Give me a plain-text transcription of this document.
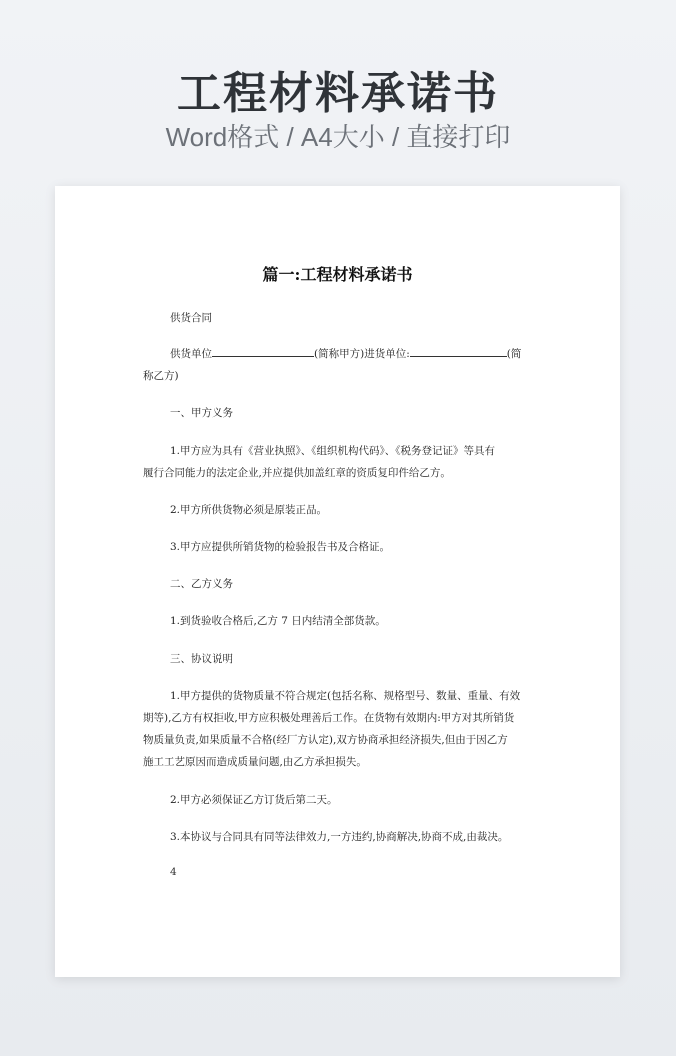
工程材料承诺书
Word格式 / A4大小 / 直接打印
篇一:工程材料承诺书
供货合同
供货单位	(简称甲方)进货单位:	(简
称乙方)
一、甲方义务
1.甲方应为具有《营业执照》、《组织机构代码》、《税务登记证》等具有
履行合同能力的法定企业,并应提供加盖红章的资质复印件给乙方。
2.甲方所供货物必须是原装正品。
3.甲方应提供所销货物的检验报告书及合格证。
二、乙方义务
1.到货验收合格后,乙方 7 日内结清全部货款。
三、协议说明
1.甲方提供的货物质量不符合规定(包括名称、规格型号、数量、重量、有效
期等),乙方有权拒收,甲方应积极处理善后工作。在货物有效期内:甲方对其所销货
物质量负责,如果质量不合格(经厂方认定),双方协商承担经济损失,但由于因乙方
施工工艺原因而造成质量问题,由乙方承担损失。
2.甲方必须保证乙方订货后第二天。
3.本协议与合同具有同等法律效力,一方违约,协商解决,协商不成,由裁决。
4
